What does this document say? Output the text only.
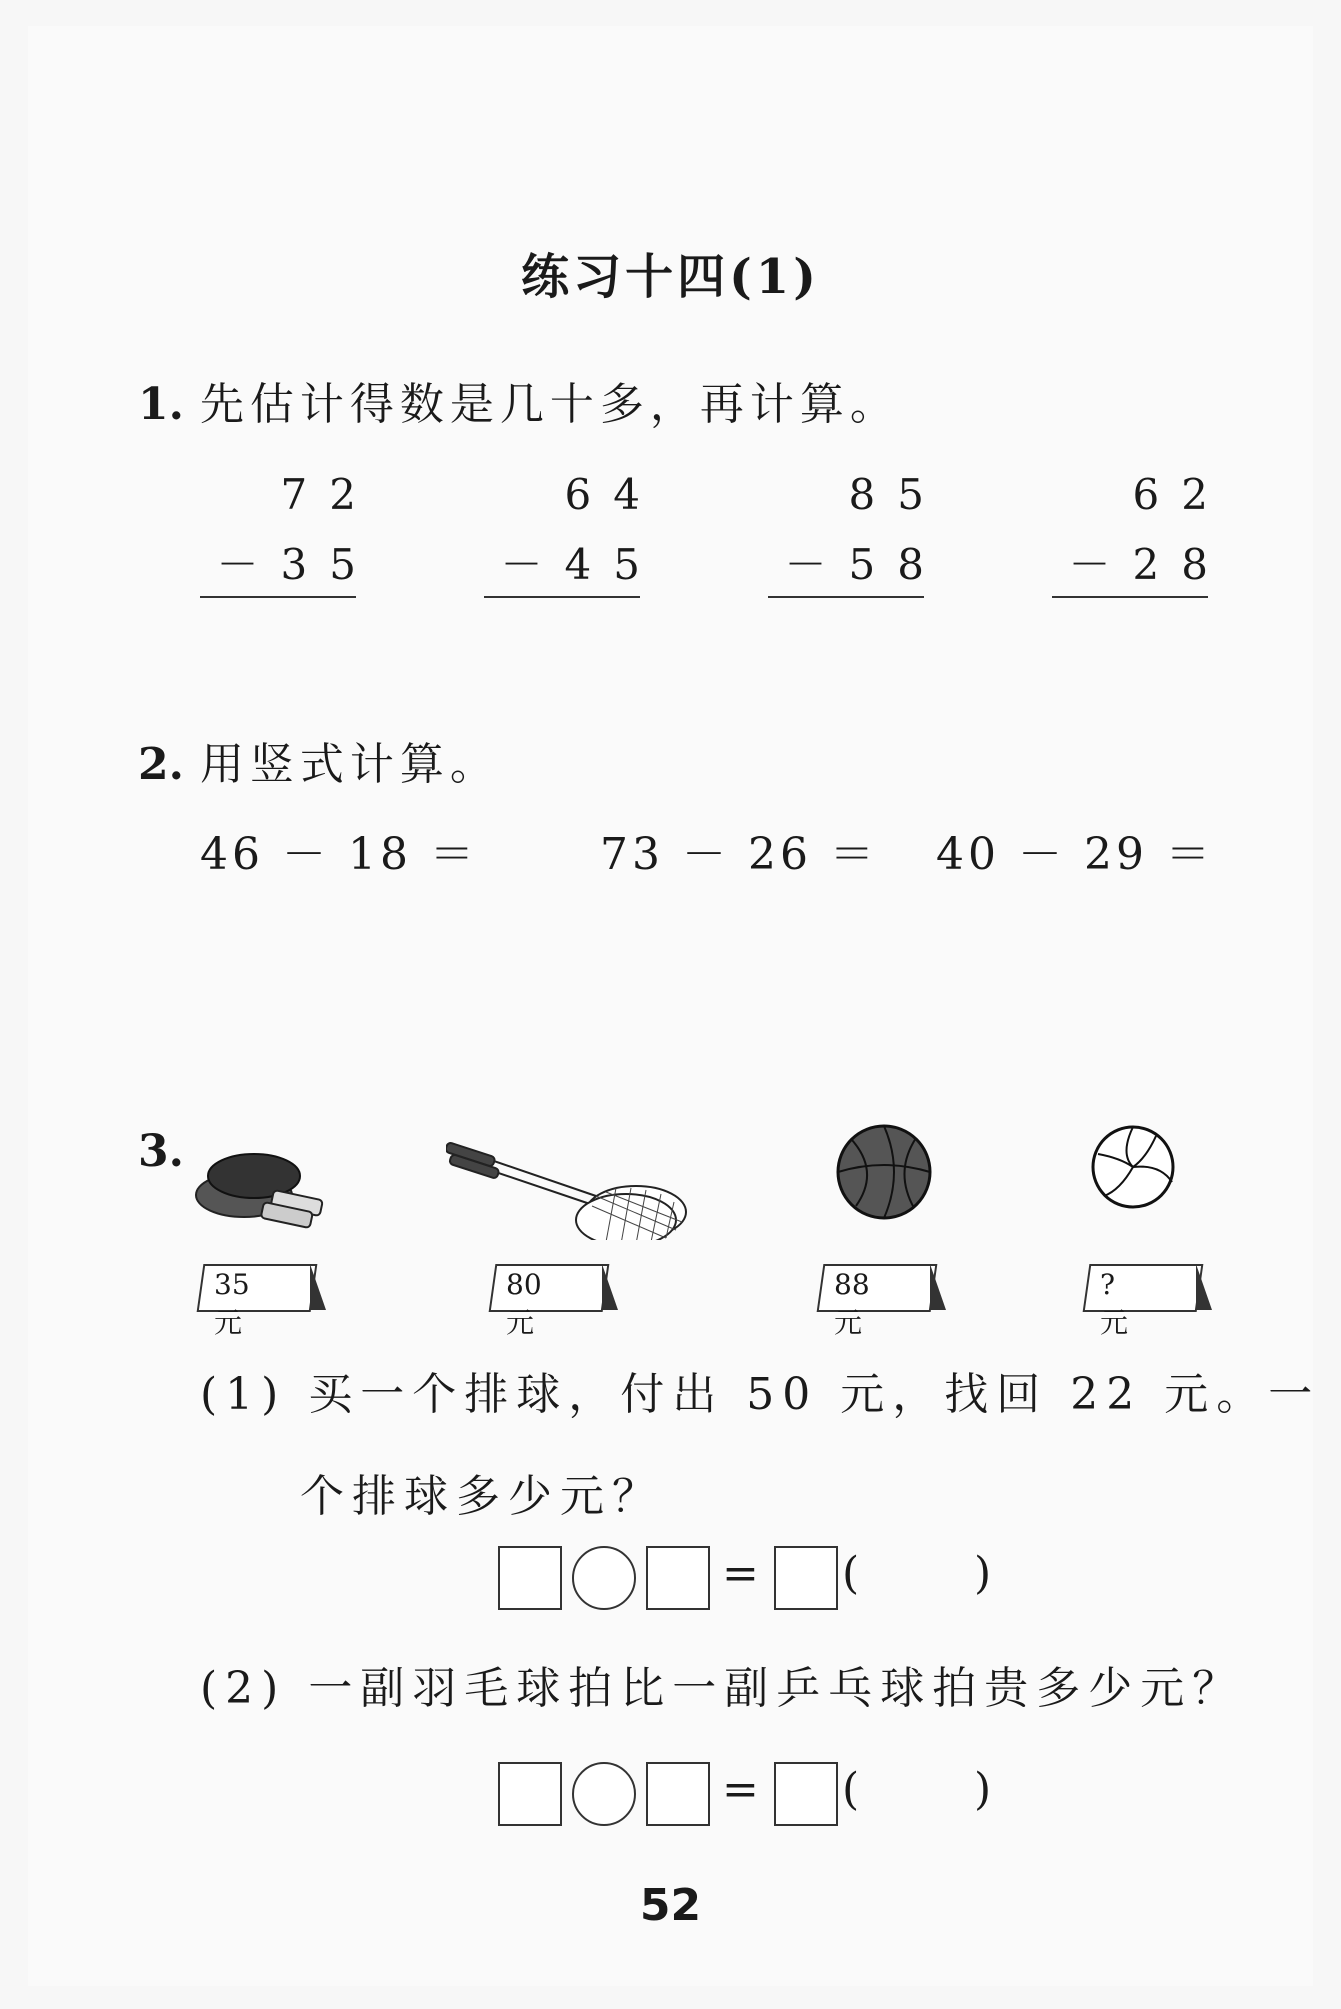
练习十四(1)
1. 先估计得数是几十多，再计算。
72
－35
64
－45
85
－58
62
－28
2. 用竖式计算。
46 － 18 ＝	73 － 26 ＝ 40 － 29 ＝
3.
35元
80元
88元
?元
(1) 买一个排球，付出 50 元，找回 22 元。一
个排球多少元？
= (	)
(2) 一副羽毛球拍比一副乒乓球拍贵多少元？
= (	)
52
